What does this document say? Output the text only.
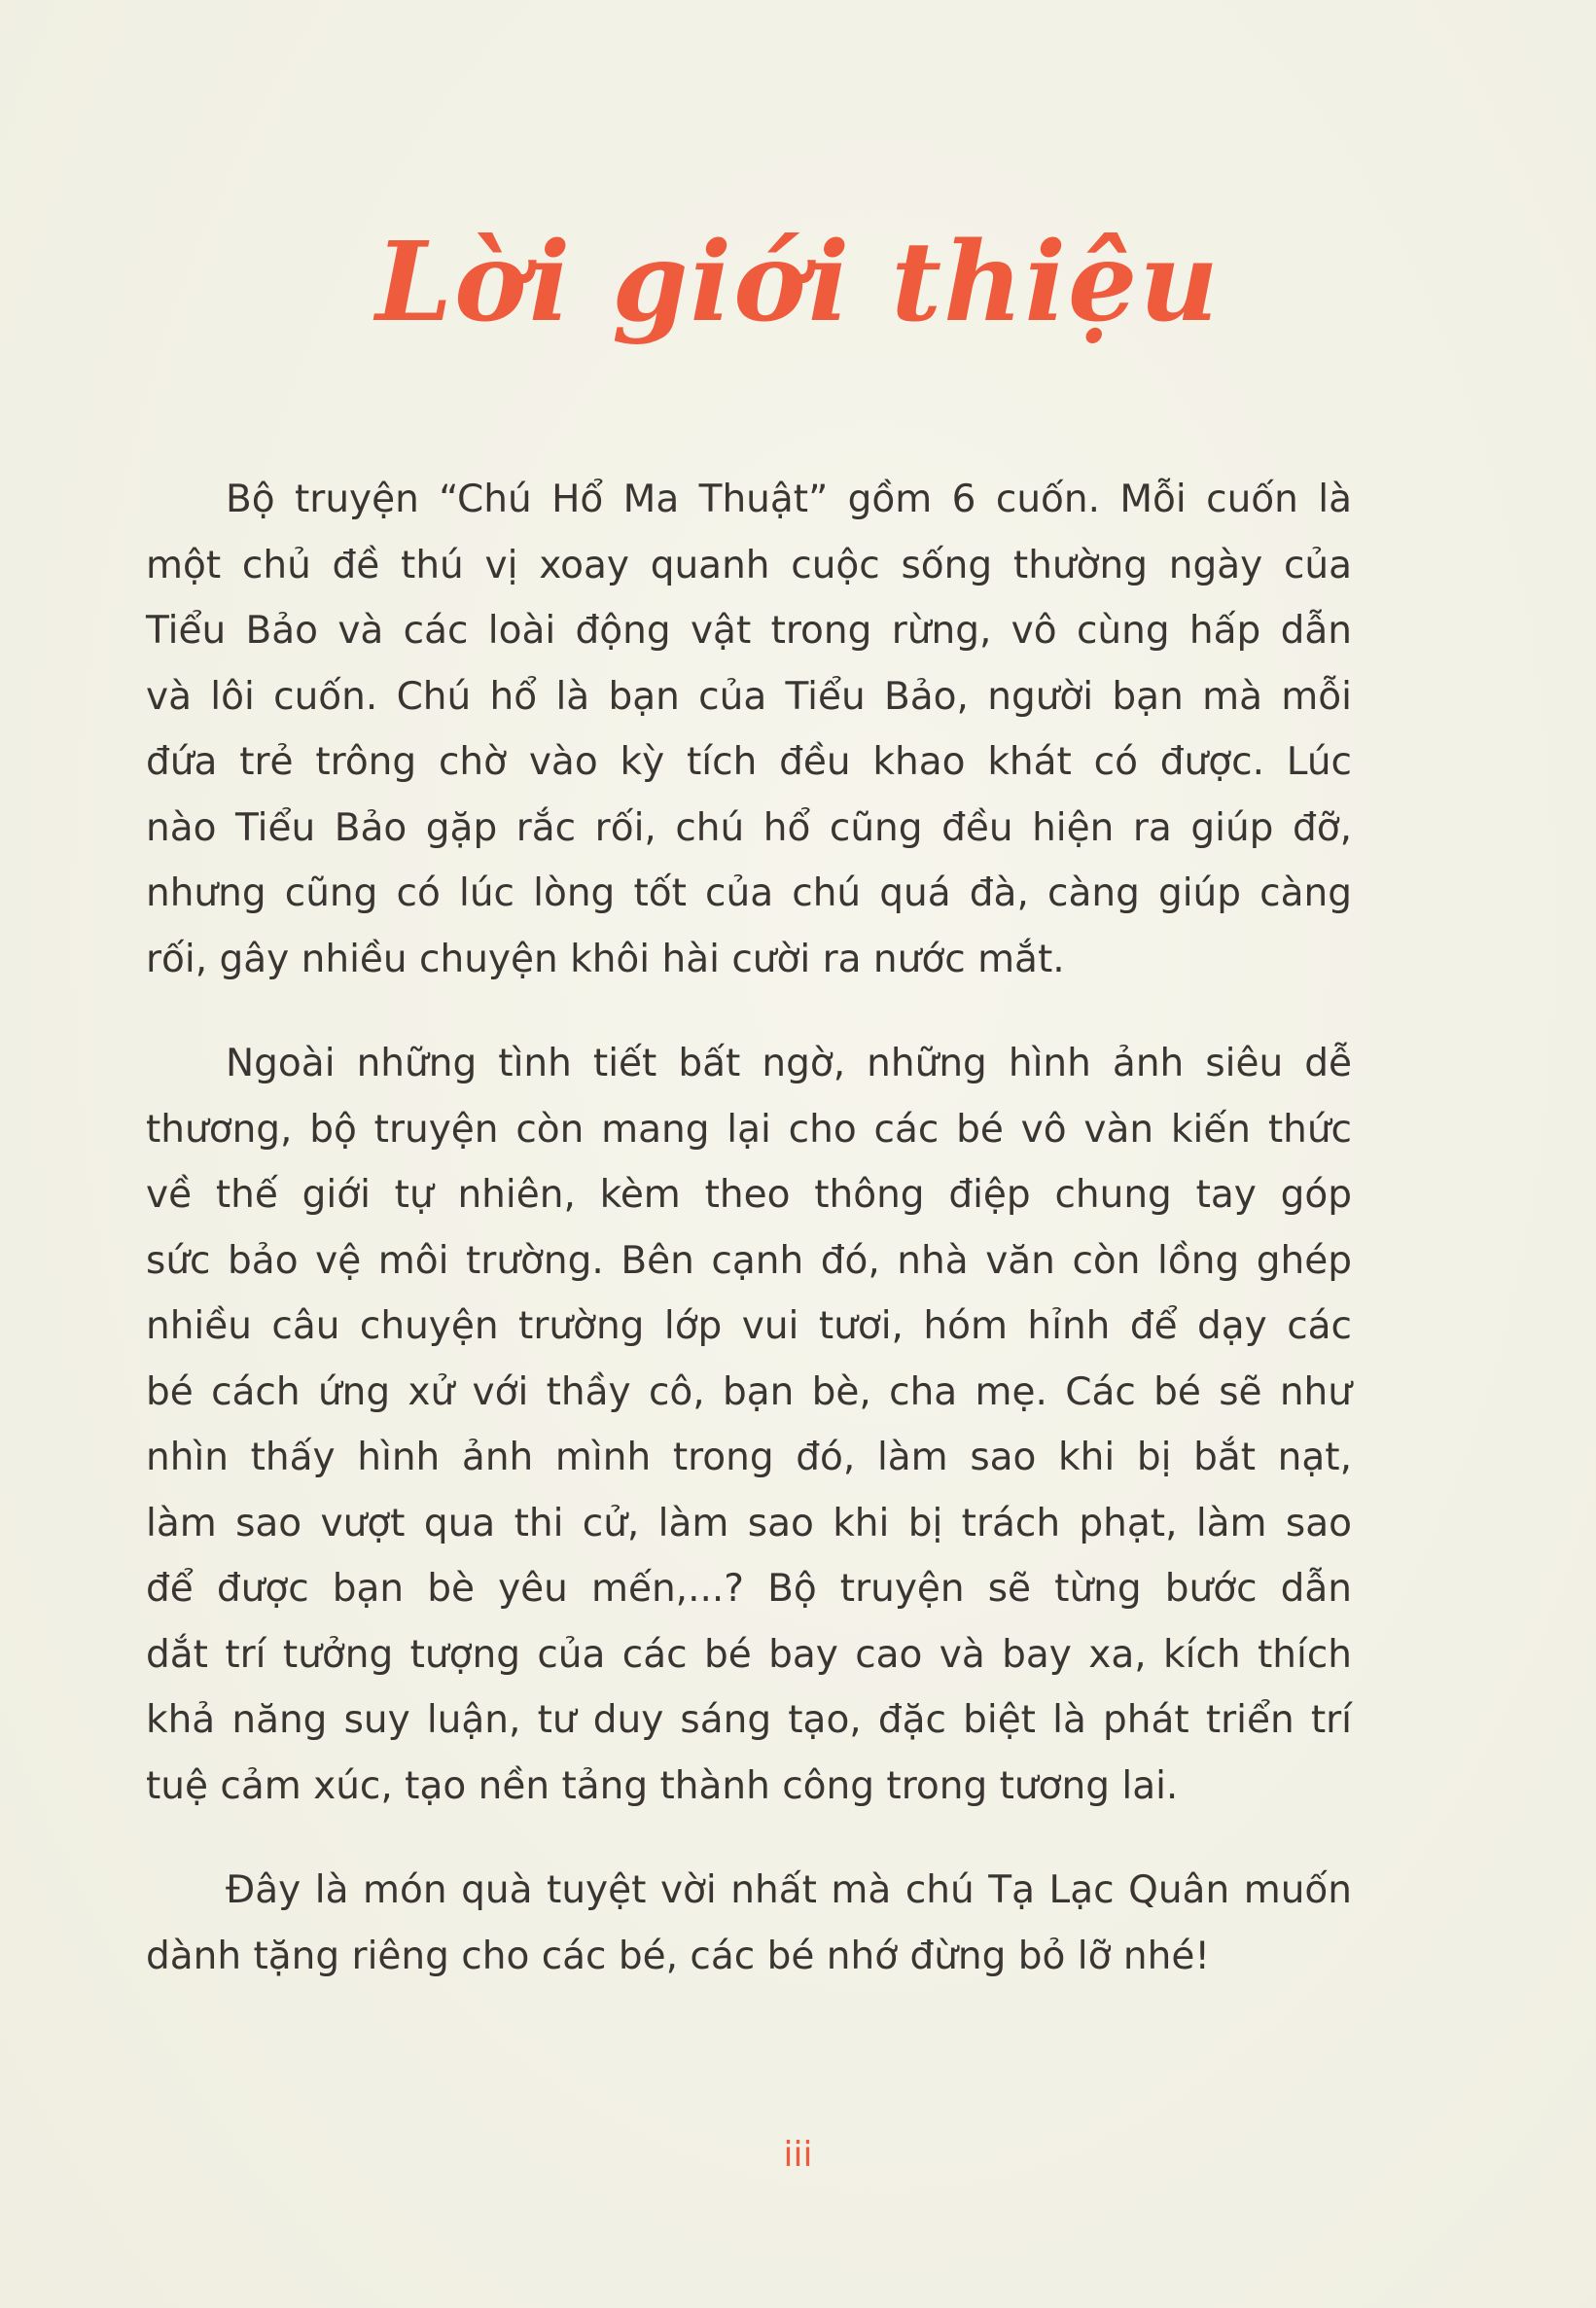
Lời giới thiệu

Bộ truyện “Chú Hổ Ma Thuật” gồm 6 cuốn. Mỗi cuốn là
một chủ đề thú vị xoay quanh cuộc sống thường ngày của
Tiểu Bảo và các loài động vật trong rừng, vô cùng hấp dẫn
và lôi cuốn. Chú hổ là bạn của Tiểu Bảo, người bạn mà mỗi
đứa trẻ trông chờ vào kỳ tích đều khao khát có được. Lúc
nào Tiểu Bảo gặp rắc rối, chú hổ cũng đều hiện ra giúp đỡ,
nhưng cũng có lúc lòng tốt của chú quá đà, càng giúp càng
rối, gây nhiều chuyện khôi hài cười ra nước mắt.

Ngoài những tình tiết bất ngờ, những hình ảnh siêu dễ
thương, bộ truyện còn mang lại cho các bé vô vàn kiến thức
về thế giới tự nhiên, kèm theo thông điệp chung tay góp
sức bảo vệ môi trường. Bên cạnh đó, nhà văn còn lồng ghép
nhiều câu chuyện trường lớp vui tươi, hóm hỉnh để dạy các
bé cách ứng xử với thầy cô, bạn bè, cha mẹ. Các bé sẽ như
nhìn thấy hình ảnh mình trong đó, làm sao khi bị bắt nạt,
làm sao vượt qua thi cử, làm sao khi bị trách phạt, làm sao
để được bạn bè yêu mến,...? Bộ truyện sẽ từng bước dẫn
dắt trí tưởng tượng của các bé bay cao và bay xa, kích thích
khả năng suy luận, tư duy sáng tạo, đặc biệt là phát triển trí
tuệ cảm xúc, tạo nền tảng thành công trong tương lai.

Đây là món quà tuyệt vời nhất mà chú Tạ Lạc Quân muốn
dành tặng riêng cho các bé, các bé nhớ đừng bỏ lỡ nhé!

iii
